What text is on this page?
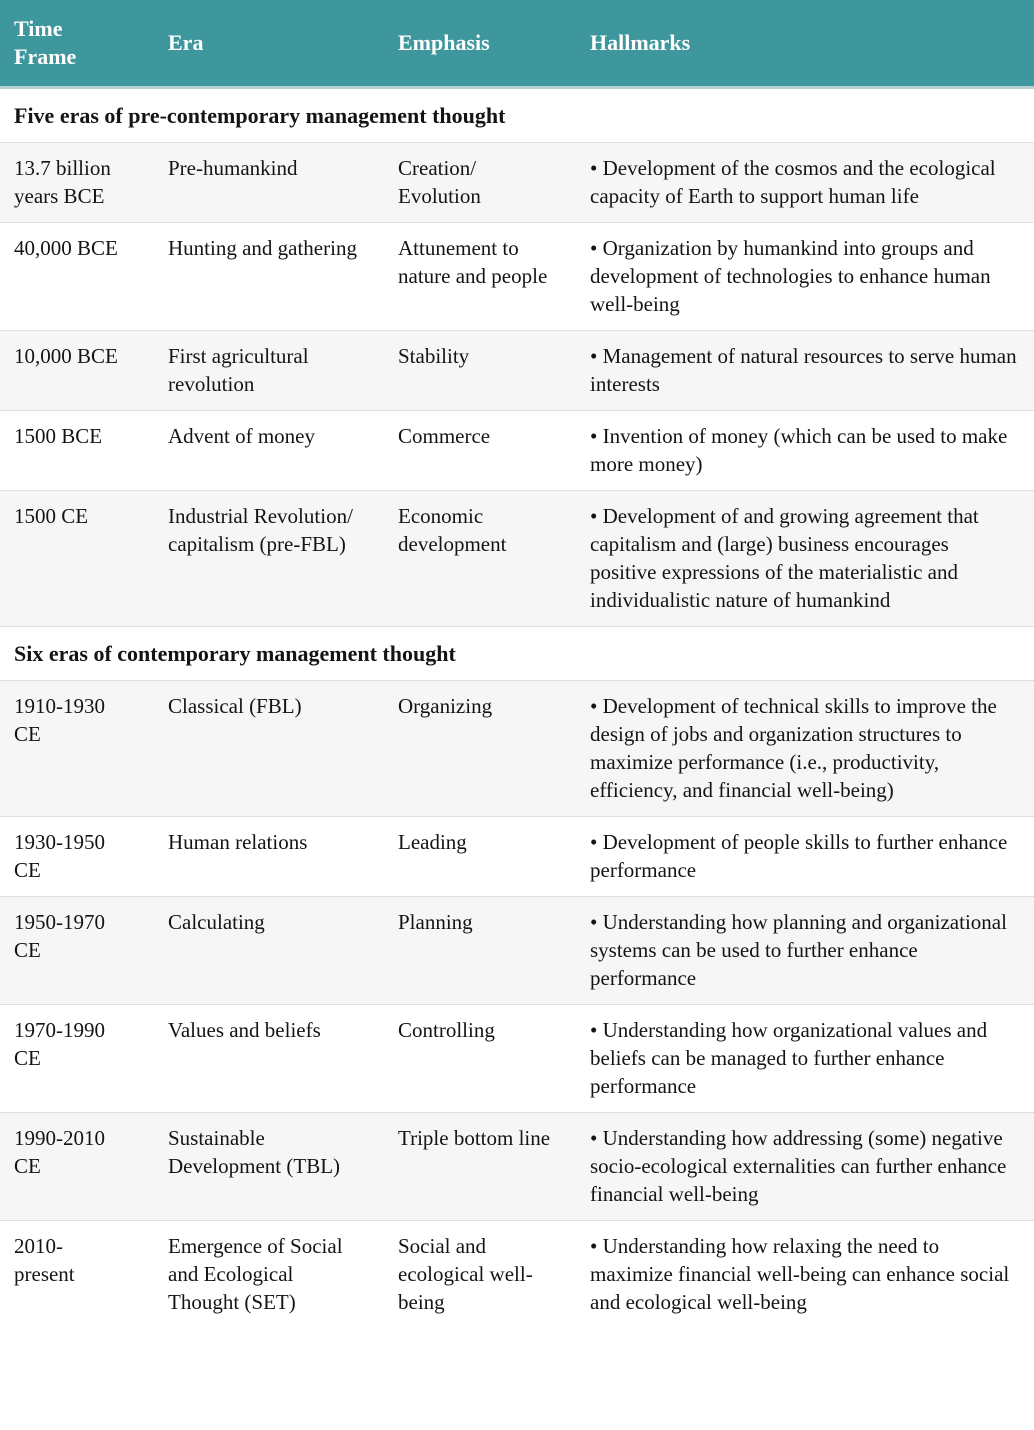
Time Frame	Era	Emphasis	Hallmarks
Five eras of pre-contemporary management thought			
13.7 billion years BCE	Pre-humankind	Creation/ Evolution	• Development of the cosmos and the ecological capacity of Earth to support human life
40,000 BCE	Hunting and gathering	Attunement to nature and people	• Organization by humankind into groups and development of technologies to enhance human well-being
10,000 BCE	First agricultural revolution	Stability	• Management of natural resources to serve human interests
1500 BCE	Advent of money	Commerce	• Invention of money (which can be used to make more money)
1500 CE	Industrial Revolution/ capitalism (pre-FBL)	Economic development	• Development of and growing agreement that capitalism and (large) business encourages positive expressions of the materialistic and individualistic nature of humankind
Six eras of contemporary management thought			
1910-1930 CE	Classical (FBL)	Organizing	• Development of technical skills to improve the design of jobs and organization structures to maximize performance (i.e., productivity, efficiency, and financial well-being)
1930-1950 CE	Human relations	Leading	• Development of people skills to further enhance performance
1950-1970 CE	Calculating	Planning	• Understanding how planning and organizational systems can be used to further enhance performance
1970-1990 CE	Values and beliefs	Controlling	• Understanding how organizational values and beliefs can be managed to further enhance performance
1990-2010 CE	Sustainable Development (TBL)	Triple bottom line	• Understanding how addressing (some) negative socio-ecological externalities can further enhance financial well-being
2010-present	Emergence of Social and Ecological Thought (SET)	Social and ecological well-being	• Understanding how relaxing the need to maximize financial well-being can enhance social and ecological well-being
